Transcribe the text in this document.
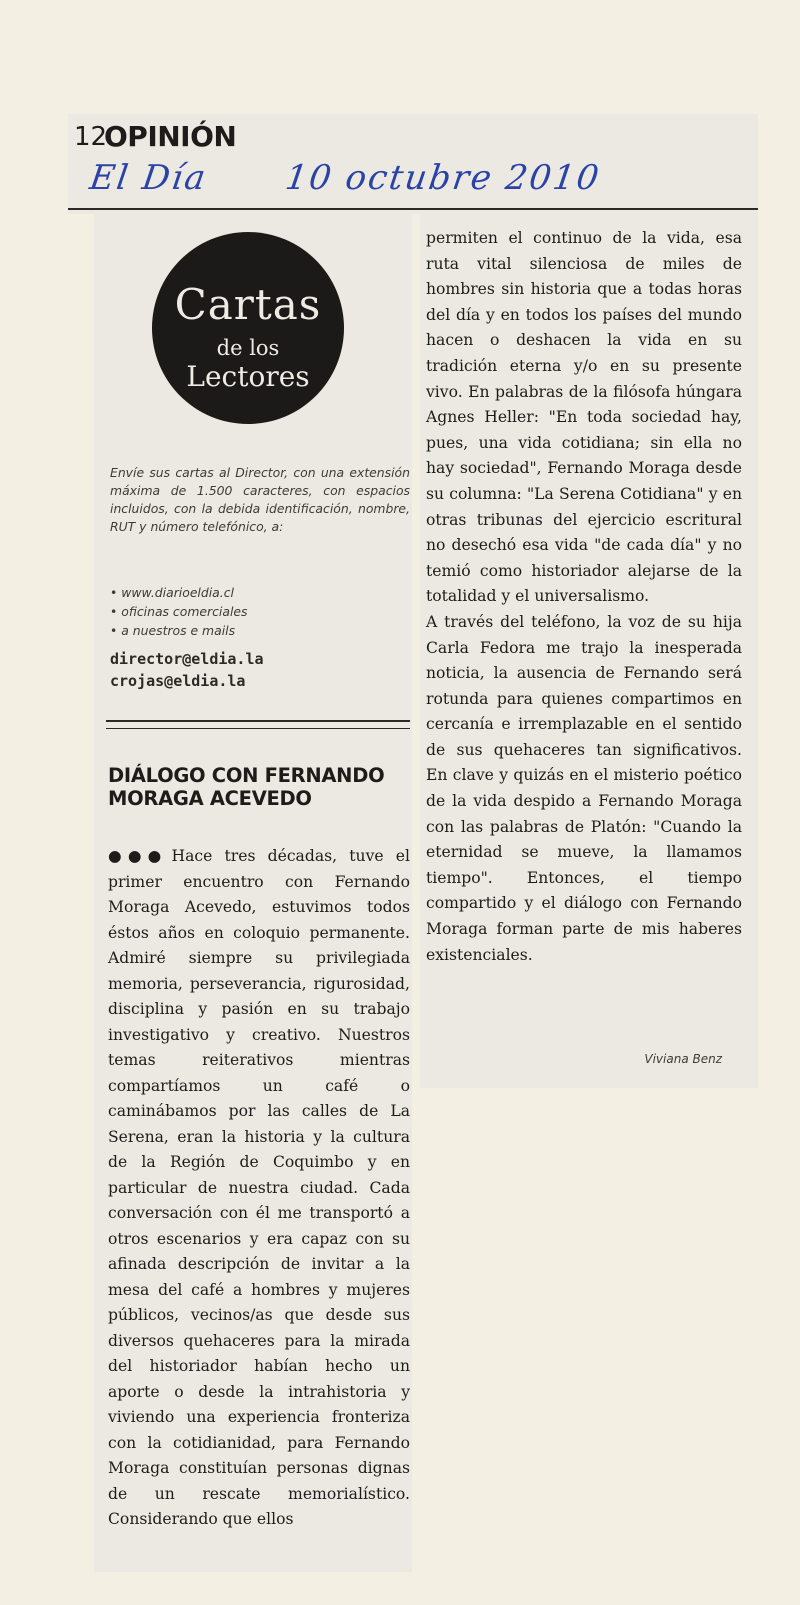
12
OPINIÓN
El Día 10 octubre 2010
Cartas
de los
Lectores
Envíe sus cartas al Director, con una extensión máxima de 1.500 caracteres, con espacios incluidos, con la debida identificación, nombre, RUT y número telefónico, a:
• www.diarioeldia.cl
• oficinas comerciales
• a nuestros e mails
director@eldia.la
crojas@eldia.la
DIÁLOGO CON FERNANDO MORAGA ACEVEDO
●●● Hace tres décadas, tuve el primer encuentro con Fernando Moraga Acevedo, estuvimos todos éstos años en coloquio permanente. Admiré siempre su privilegiada memoria, perseverancia, rigurosidad, disciplina y pasión en su trabajo investigativo y creativo. Nuestros temas reiterativos mientras compartíamos un café o caminábamos por las calles de La Serena, eran la historia y la cultura de la Región de Coquimbo y en particular de nuestra ciudad. Cada conversación con él me transportó a otros escenarios y era capaz con su afinada descripción de invitar a la mesa del café a hombres y mujeres públicos, vecinos/as que desde sus diversos quehaceres para la mirada del historiador habían hecho un aporte o desde la intrahistoria y viviendo una experiencia fronteriza con la cotidianidad, para Fernando Moraga constituían personas dignas de un rescate memorialístico. Considerando que ellos
permiten el continuo de la vida, esa ruta vital silenciosa de miles de hombres sin historia que a todas horas del día y en todos los países del mundo hacen o deshacen la vida en su tradición eterna y/o en su presente vivo. En palabras de la filósofa húngara Agnes Heller: "En toda sociedad hay, pues, una vida cotidiana; sin ella no hay sociedad", Fernando Moraga desde su columna: "La Serena Cotidiana" y en otras tribunas del ejercicio escritural no desechó esa vida "de cada día" y no temió como historiador alejarse de la totalidad y el universalismo.
A través del teléfono, la voz de su hija Carla Fedora me trajo la inesperada noticia, la ausencia de Fernando será rotunda para quienes compartimos en cercanía e irremplazable en el sentido de sus quehaceres tan significativos. En clave y quizás en el misterio poético de la vida despido a Fernando Moraga con las palabras de Platón: "Cuando la eternidad se mueve, la llamamos tiempo". Entonces, el tiempo compartido y el diálogo con Fernando Moraga forman parte de mis haberes existenciales.
Viviana Benz
